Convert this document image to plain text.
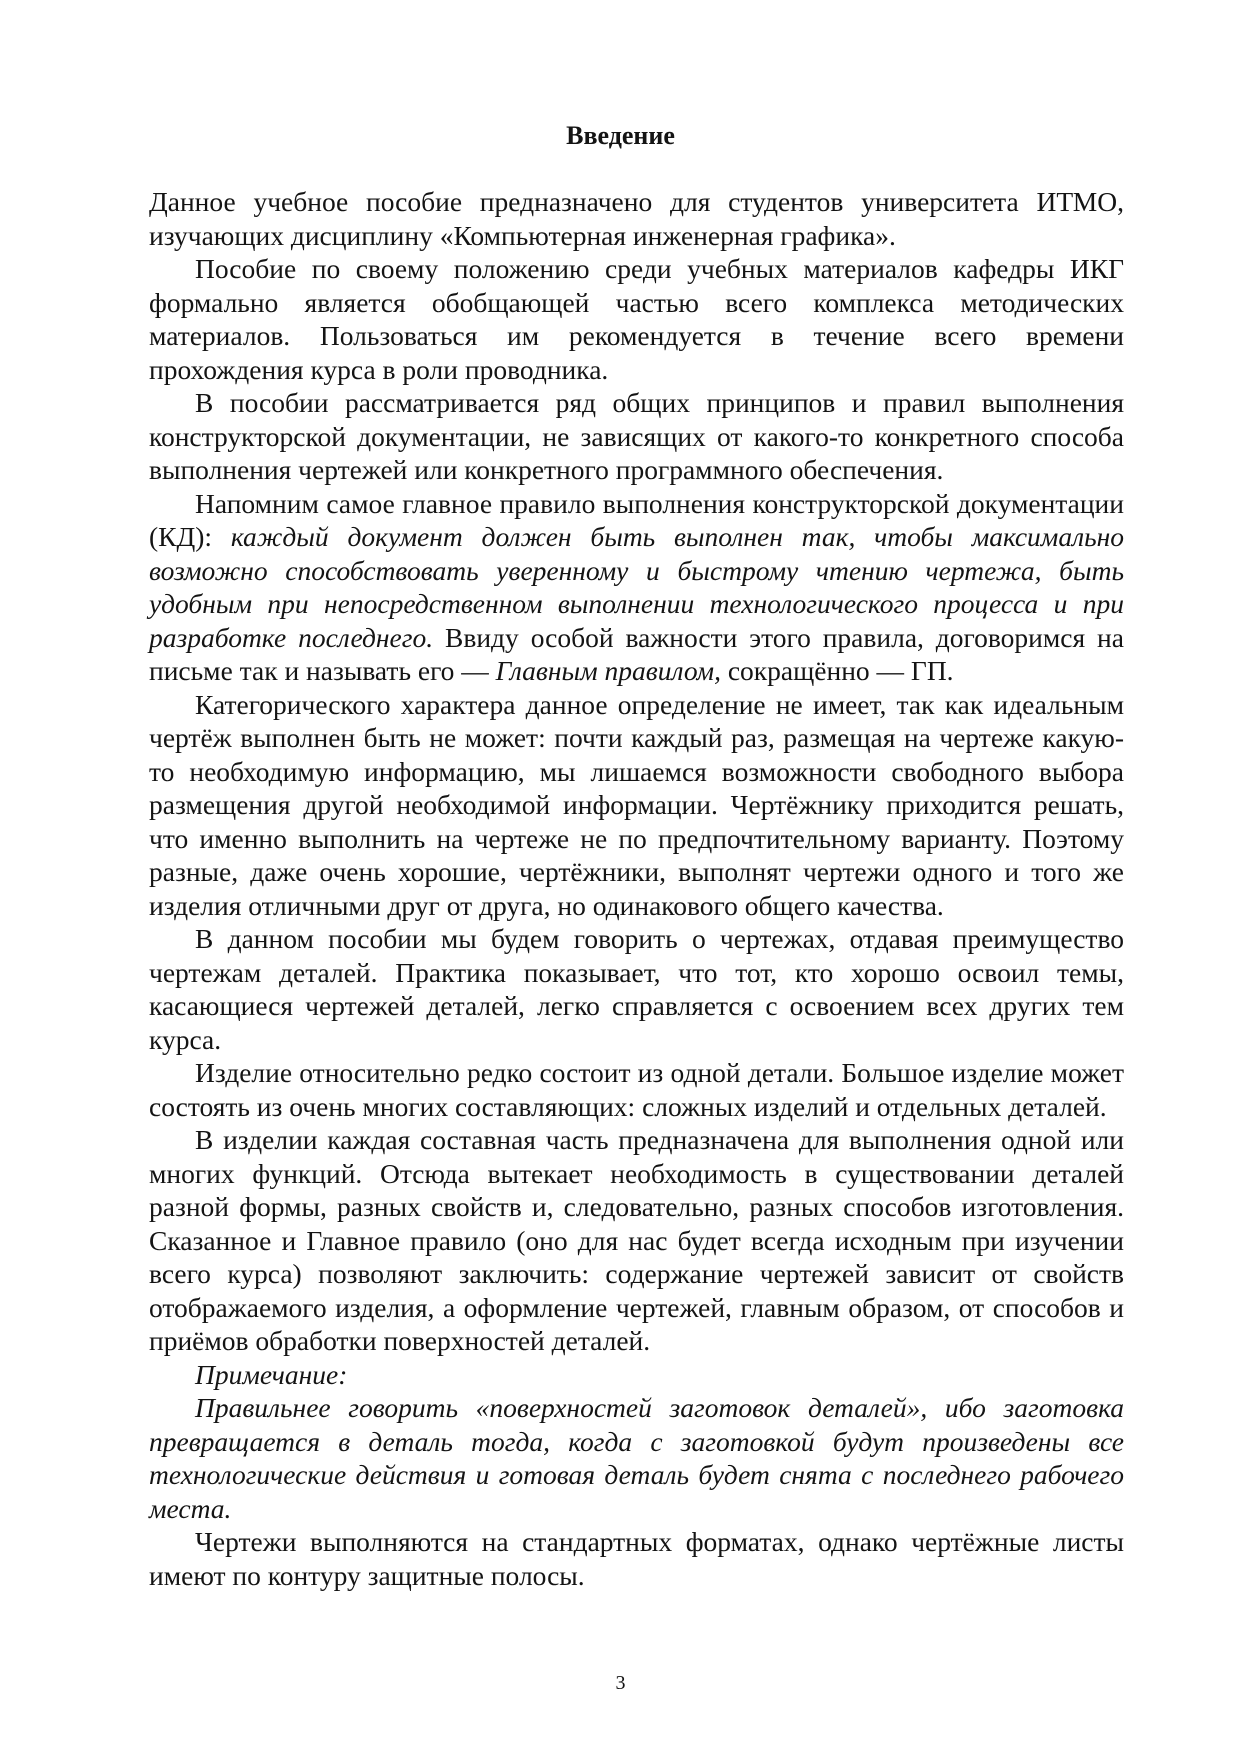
Введение

Данное учебное пособие предназначено для студентов университета ИТМО, изучающих дисциплину «Компьютерная инженерная графика».

Пособие по своему положению среди учебных материалов кафедры ИКГ формально является обобщающей частью всего комплекса методических материалов. Пользоваться им рекомендуется в течение всего времени прохождения курса в роли проводника.

В пособии рассматривается ряд общих принципов и правил выполнения конструкторской документации, не зависящих от какого-то конкретного способа выполнения чертежей или конкретного программного обеспечения.

Напомним самое главное правило выполнения конструкторской документации (КД): каждый документ должен быть выполнен так, чтобы максимально возможно способствовать уверенному и быстрому чтению чертежа, быть удобным при непосредственном выполнении технологического процесса и при разработке последнего. Ввиду особой важности этого правила, договоримся на письме так и называть его — Главным правилом, сокращённо — ГП.

Категорического характера данное определение не имеет, так как идеальным чертёж выполнен быть не может: почти каждый раз, размещая на чертеже какую-то необходимую информацию, мы лишаемся возможности свободного выбора размещения другой необходимой информации. Чертёжнику приходится решать, что именно выполнить на чертеже не по предпочтительному варианту. Поэтому разные, даже очень хорошие, чертёжники, выполнят чертежи одного и того же изделия отличными друг от друга, но одинакового общего качества.

В данном пособии мы будем говорить о чертежах, отдавая преимущество чертежам деталей. Практика показывает, что тот, кто хорошо освоил темы, касающиеся чертежей деталей, легко справляется с освоением всех других тем курса.

Изделие относительно редко состоит из одной детали. Большое изделие может состоять из очень многих составляющих: сложных изделий и отдельных деталей.

В изделии каждая составная часть предназначена для выполнения одной или многих функций. Отсюда вытекает необходимость в существовании деталей разной формы, разных свойств и, следовательно, разных способов изготовления. Сказанное и Главное правило (оно для нас будет всегда исходным при изучении всего курса) позволяют заключить: содержание чертежей зависит от свойств отображаемого изделия, а оформление чертежей, главным образом, от способов и приёмов обработки поверхностей деталей.

Примечание:

Правильнее говорить «поверхностей заготовок деталей», ибо заготовка превращается в деталь тогда, когда с заготовкой будут произведены все технологические действия и готовая деталь будет снята с последнего рабочего места.

Чертежи выполняются на стандартных форматах, однако чертёжные листы имеют по контуру защитные полосы.

3
